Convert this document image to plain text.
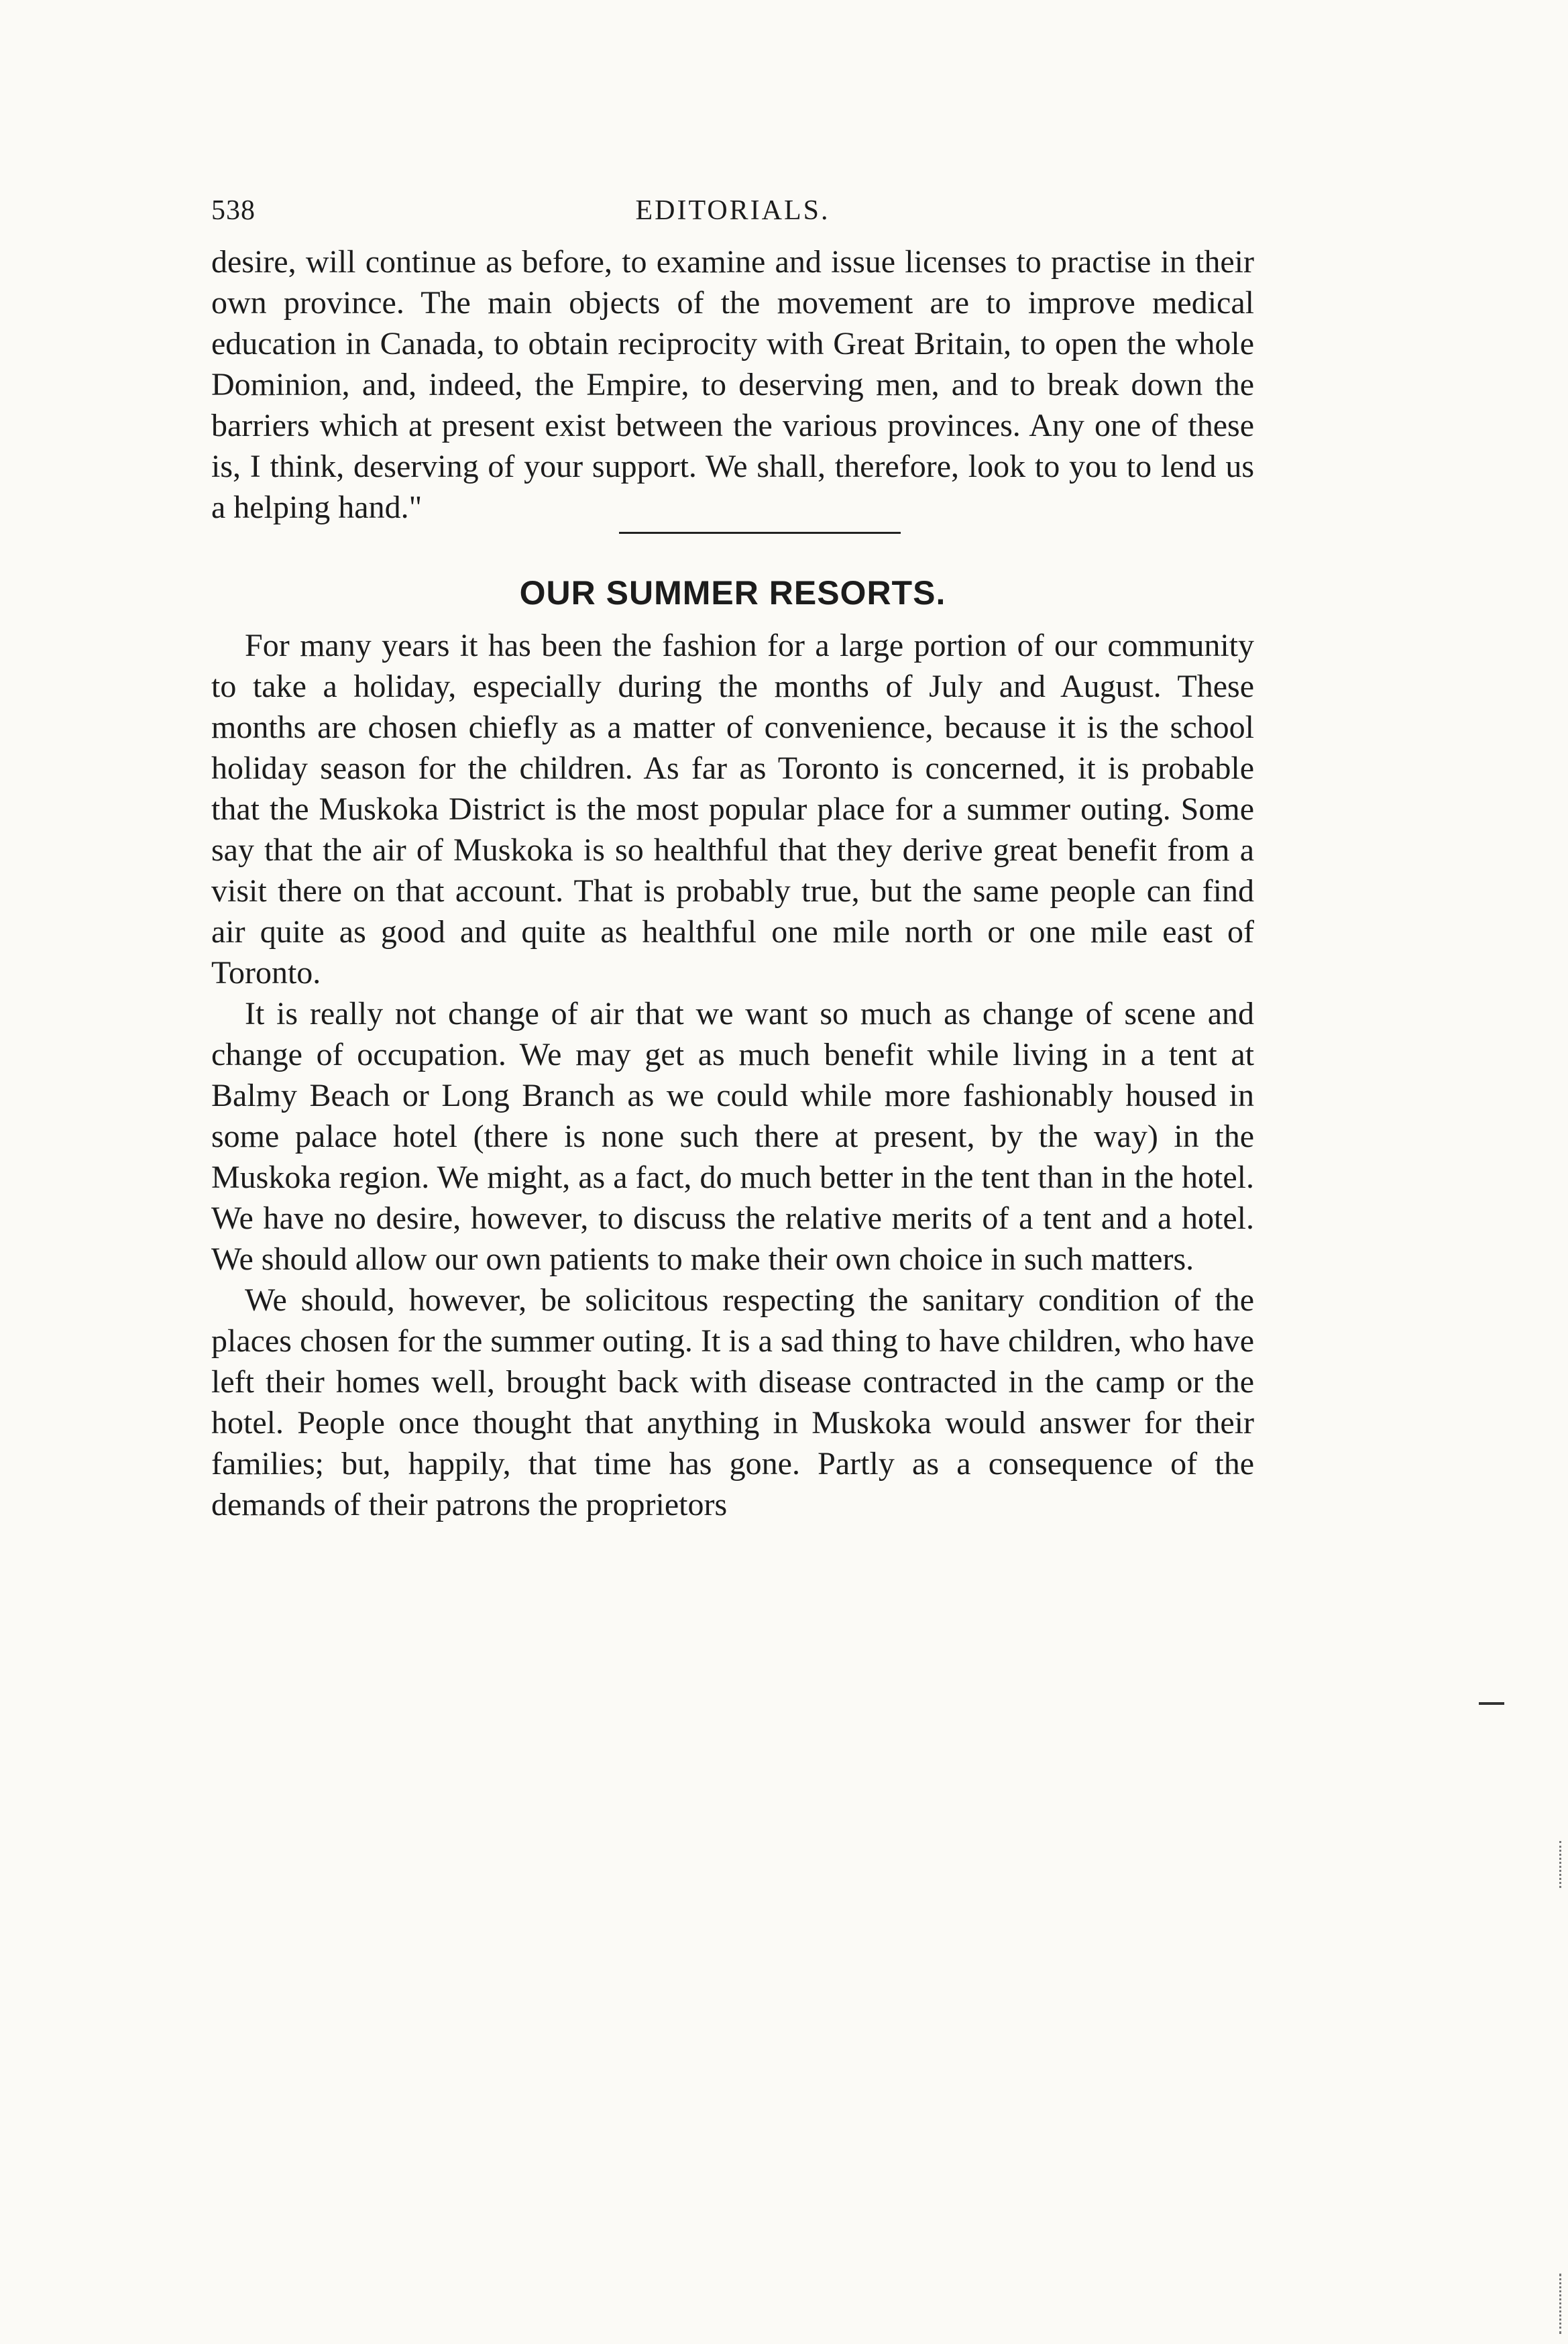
538	EDITORIALS.

desire, will continue as before, to examine and issue licenses to practise in their own province. The main objects of the movement are to improve medical education in Canada, to obtain reciprocity with Great Britain, to open the whole Dominion, and, indeed, the Empire, to deserving men, and to break down the barriers which at present exist between the various provinces. Any one of these is, I think, deserving of your support. We shall, therefore, look to you to lend us a helping hand."

OUR SUMMER RESORTS.

For many years it has been the fashion for a large portion of our community to take a holiday, especially during the months of July and August. These months are chosen chiefly as a matter of convenience, because it is the school holiday season for the children. As far as Toronto is concerned, it is probable that the Muskoka District is the most popular place for a summer outing. Some say that the air of Muskoka is so healthful that they derive great benefit from a visit there on that account. That is probably true, but the same people can find air quite as good and quite as healthful one mile north or one mile east of Toronto.

It is really not change of air that we want so much as change of scene and change of occupation. We may get as much benefit while living in a tent at Balmy Beach or Long Branch as we could while more fashionably housed in some palace hotel (there is none such there at present, by the way) in the Muskoka region. We might, as a fact, do much better in the tent than in the hotel. We have no desire, however, to discuss the relative merits of a tent and a hotel. We should allow our own patients to make their own choice in such matters.

We should, however, be solicitous respecting the sanitary condition of the places chosen for the summer outing. It is a sad thing to have children, who have left their homes well, brought back with disease contracted in the camp or the hotel. People once thought that anything in Muskoka would answer for their families; but, happily, that time has gone. Partly as a consequence of the demands of their patrons the proprietors
